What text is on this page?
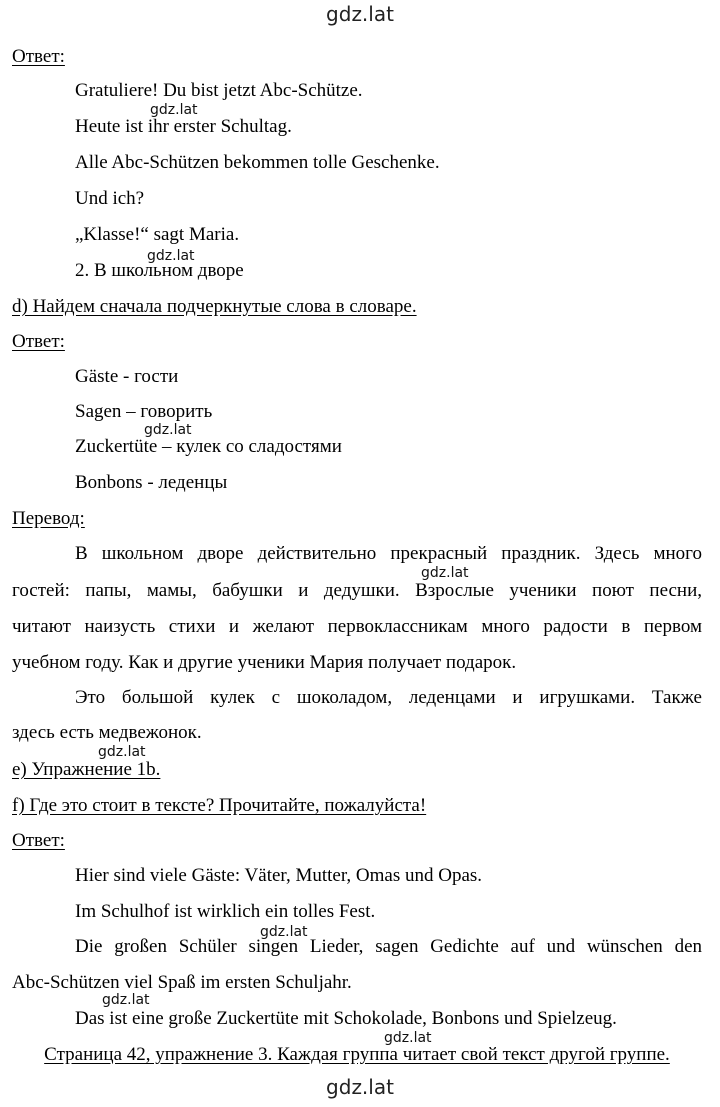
gdz.lat
Ответ:
Gratuliere! Du bist jetzt Abc-Schütze.
Heute ist ihr erster Schultag.
Alle Abc-Schützen bekommen tolle Geschenke.
Und ich?
„Klasse!“ sagt Maria.
2. В школьном дворе
d) Найдем сначала подчеркнутые слова в словаре.
Ответ:
Gäste - гости
Sagen – говорить
Zuckertüte – кулек со сладостями
Bonbons - леденцы
Перевод:
В школьном дворе действительно прекрасный праздник. Здесь много
гостей: папы, мамы, бабушки и дедушки. Взрослые ученики поют песни,
читают наизусть стихи и желают первоклассникам много радости в первом
учебном году. Как и другие ученики Мария получает подарок.
Это большой кулек с шоколадом, леденцами и игрушками. Также
здесь есть медвежонок.
e) Упражнение 1b.
f) Где это стоит в тексте? Прочитайте, пожалуйста!
Ответ:
Hier sind viele Gäste: Väter, Mutter, Omas und Opas.
Im Schulhof ist wirklich ein tolles Fest.
Die großen Schüler singen Lieder, sagen Gedichte auf und wünschen den
Abc-Schützen viel Spaß im ersten Schuljahr.
Das ist eine große Zuckertüte mit Schokolade, Bonbons und Spielzeug.
Страница 42, упражнение 3. Каждая группа читает свой текст другой группе.
gdz.lat
gdz.lat
gdz.lat
gdz.lat
gdz.lat
gdz.lat
gdz.lat
gdz.lat
gdz.lat
